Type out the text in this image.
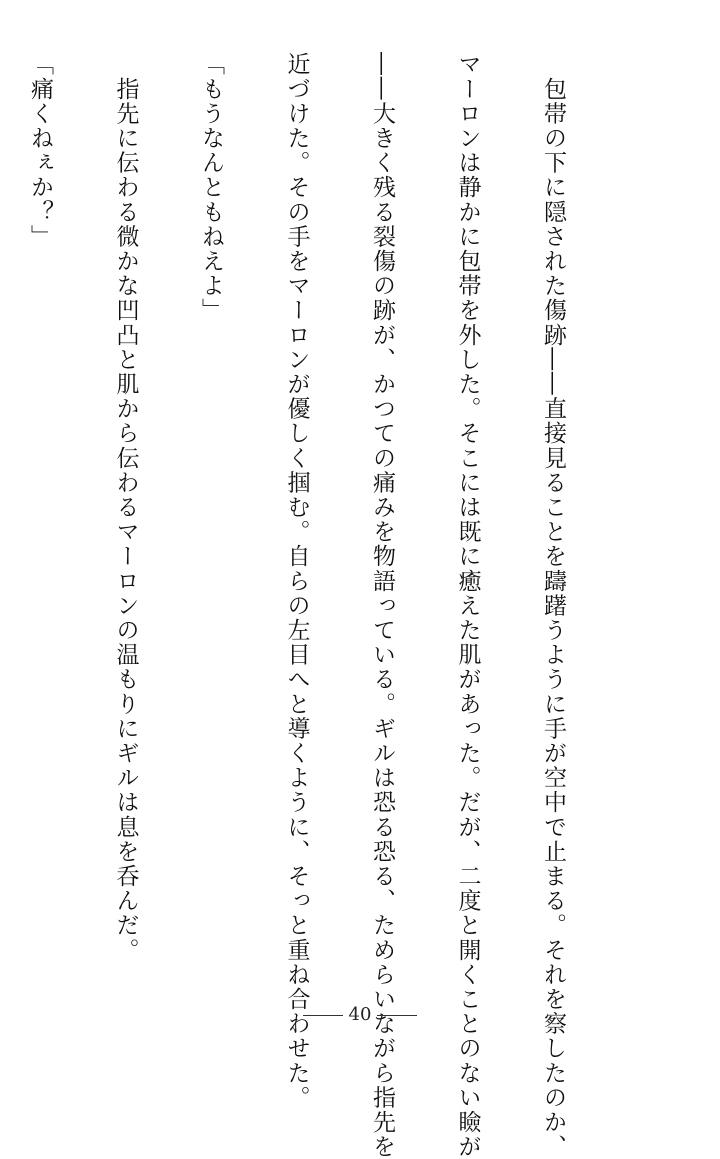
　包帯の下に隠された傷跡――直接見ることを躊躇うように手が空中で止まる。それを察したのか、

マーロンは静かに包帯を外した。そこには既に癒えた肌があった。だが、二度と開くことのない瞼が

――大きく残る裂傷の跡が、かつての痛みを物語っている。ギルは恐る恐る、ためらいながら指先を

近づけた。その手をマーロンが優しく掴む。自らの左目へと導くように、そっと重ね合わせた。

「もうなんともねえよ」

　指先に伝わる微かな凹凸と肌から伝わるマーロンの温もりにギルは息を呑んだ。

「痛くねぇか？」

40
